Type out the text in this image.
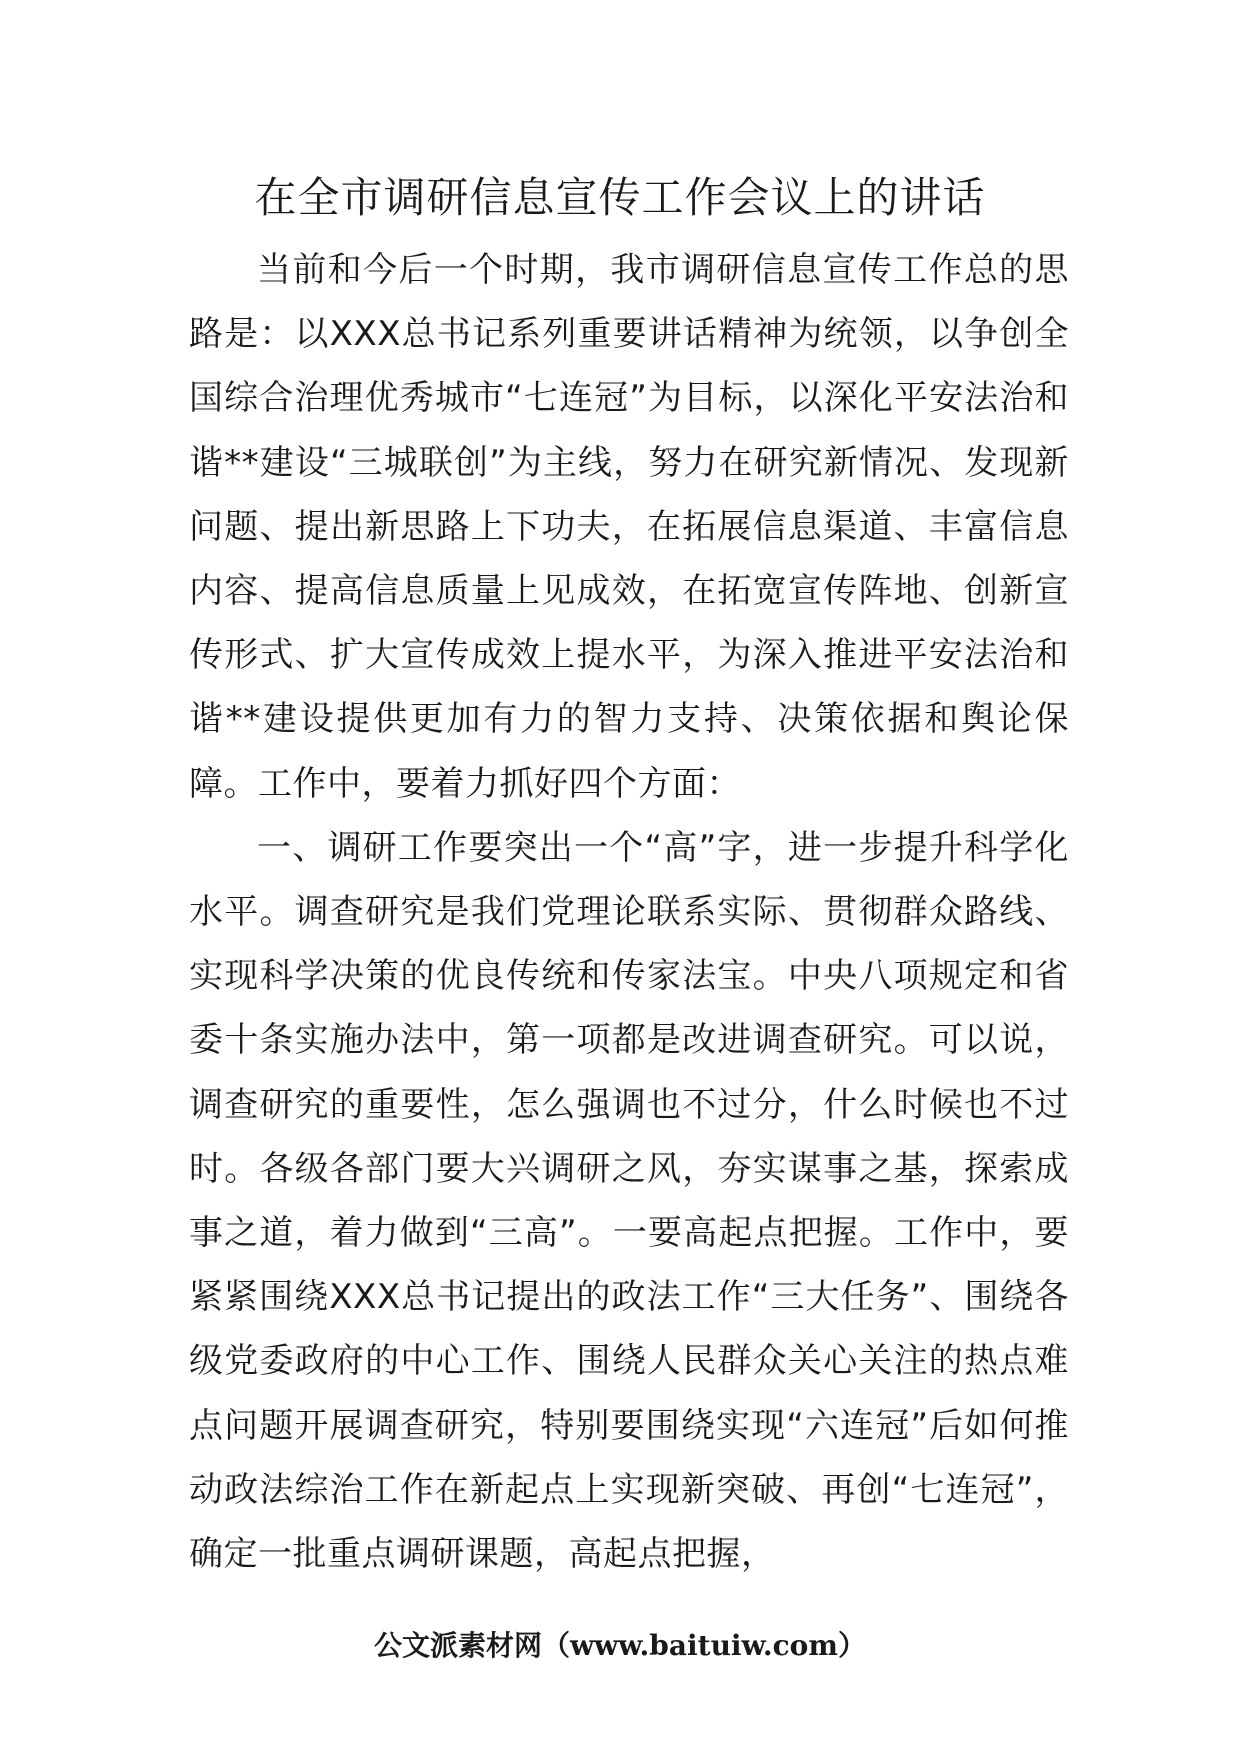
在全市调研信息宣传工作会议上的讲话

当前和今后一个时期，我市调研信息宣传工作总的思路是：以XXX总书记系列重要讲话精神为统领，以争创全国综合治理优秀城市“七连冠”为目标，以深化平安法治和谐**建设“三城联创”为主线，努力在研究新情况、发现新问题、提出新思路上下功夫，在拓展信息渠道、丰富信息内容、提高信息质量上见成效，在拓宽宣传阵地、创新宣传形式、扩大宣传成效上提水平，为深入推进平安法治和谐**建设提供更加有力的智力支持、决策依据和舆论保障。工作中，要着力抓好四个方面：

一、调研工作要突出一个“高”字，进一步提升科学化水平。调查研究是我们党理论联系实际、贯彻群众路线、实现科学决策的优良传统和传家法宝。中央八项规定和省委十条实施办法中，第一项都是改进调查研究。可以说，调查研究的重要性，怎么强调也不过分，什么时候也不过时。各级各部门要大兴调研之风，夯实谋事之基，探索成事之道，着力做到“三高”。一要高起点把握。工作中，要紧紧围绕XXX总书记提出的政法工作“三大任务”、围绕各级党委政府的中心工作、围绕人民群众关心关注的热点难点问题开展调查研究，特别要围绕实现“六连冠”后如何推动政法综治工作在新起点上实现新突破、再创“七连冠”，确定一批重点调研课题，高起点把握，

公文派素材网（www.baituiw.com）
